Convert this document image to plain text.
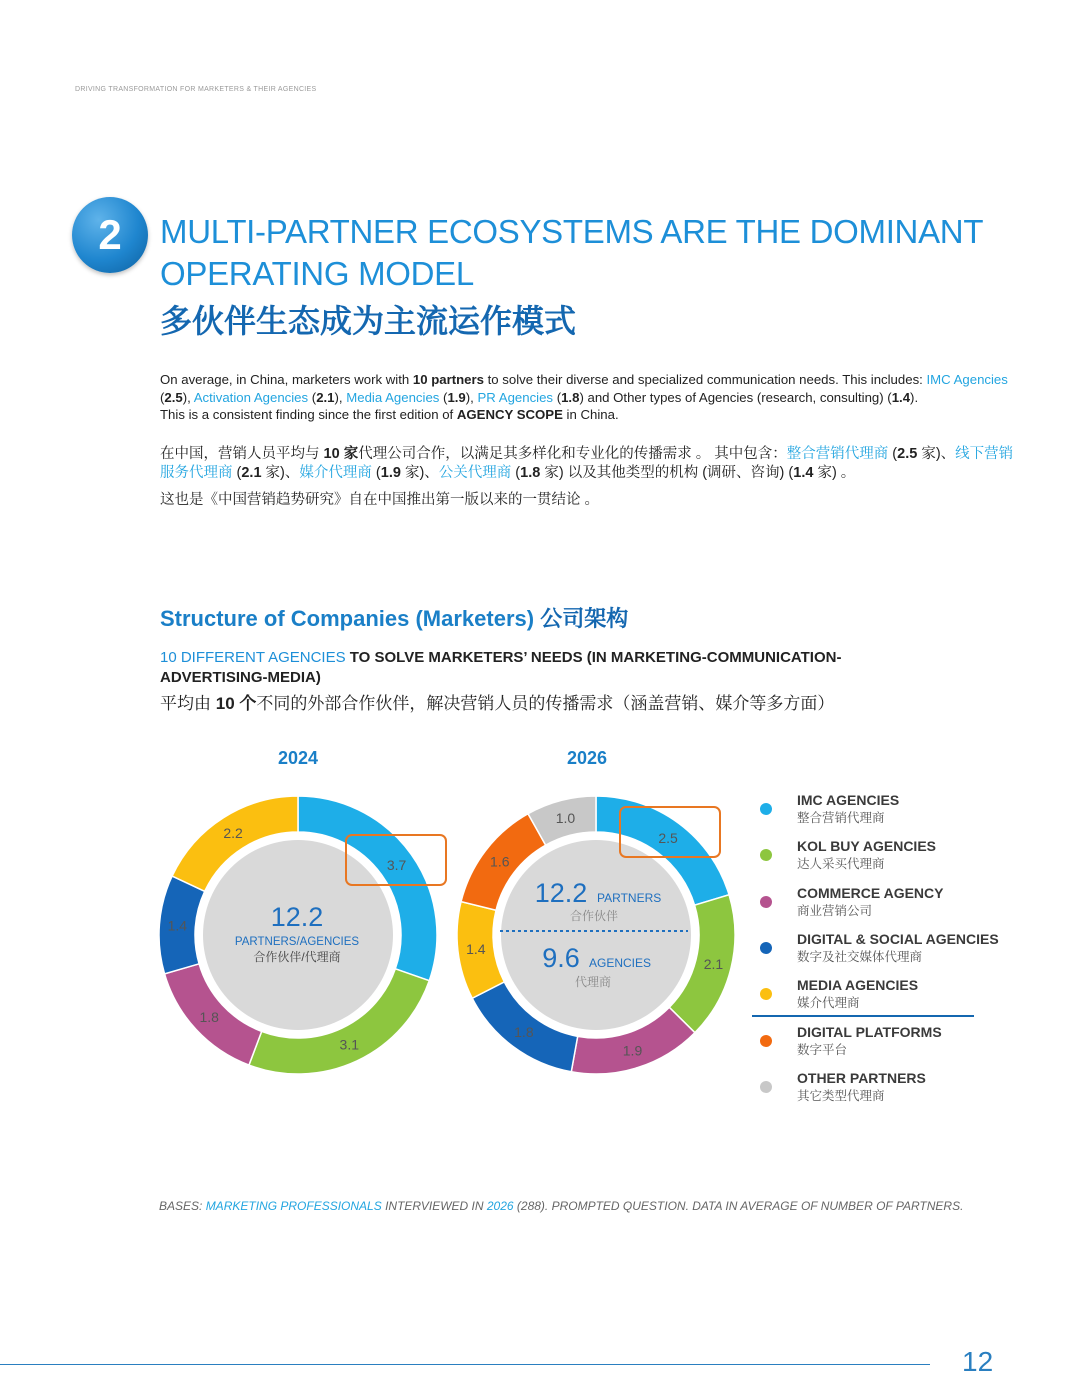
DRIVING TRANSFORMATION FOR MARKETERS & THEIR AGENCIES
2	MULTI-PARTNER ECOSYSTEMS ARE THE DOMINANT OPERATING MODEL
多伙伴生态成为主流运作模式
On average, in China, marketers work with 10 partners to solve their diverse and specialized communication needs. This includes: IMC Agencies (2.5), Activation Agencies (2.1), Media Agencies (1.9), PR Agencies (1.8) and Other types of Agencies (research, consulting) (1.4).
This is a consistent finding since the first edition of AGENCY SCOPE in China.
在中国，营销人员平均与 10 家代理公司合作，以满足其多样化和专业化的传播需求 。 其中包含：整合营销代理商 (2.5 家)、线下营销服务代理商 (2.1 家)、媒介代理商 (1.9 家)、公关代理商 (1.8 家) 以及其他类型的机构 (调研、咨询) (1.4 家) 。
这也是《中国营销趋势研究》自在中国推出第一版以来的一贯结论 。
Structure of Companies (Marketers) 公司架构
10 DIFFERENT AGENCIES TO SOLVE MARKETERS’ NEEDS (IN MARKETING-COMMUNICATION-ADVERTISING-MEDIA)
平均由 10 个不同的外部合作伙伴，解决营销人员的传播需求（涵盖营销、媒介等多方面）
2024	2026
3.7
3.1
1.8
1.4
2.2	2.5
2.1
1.9
1.8
1.4
1.6
1.0
12.2
PARTNERS/AGENCIES
合作伙伴/代理商
12.2 PARTNERS
合作伙伴
9.6 AGENCIES
代理商
IMC AGENCIES
整合营销代理商
KOL BUY AGENCIES
达人采买代理商
COMMERCE AGENCY
商业营销公司
DIGITAL & SOCIAL AGENCIES
数字及社交媒体代理商
MEDIA AGENCIES
媒介代理商
DIGITAL PLATFORMS
数字平台
OTHER PARTNERS
其它类型代理商
BASES: MARKETING PROFESSIONALS INTERVIEWED IN 2026 (288). PROMPTED QUESTION. DATA IN AVERAGE OF NUMBER OF PARTNERS.
12
